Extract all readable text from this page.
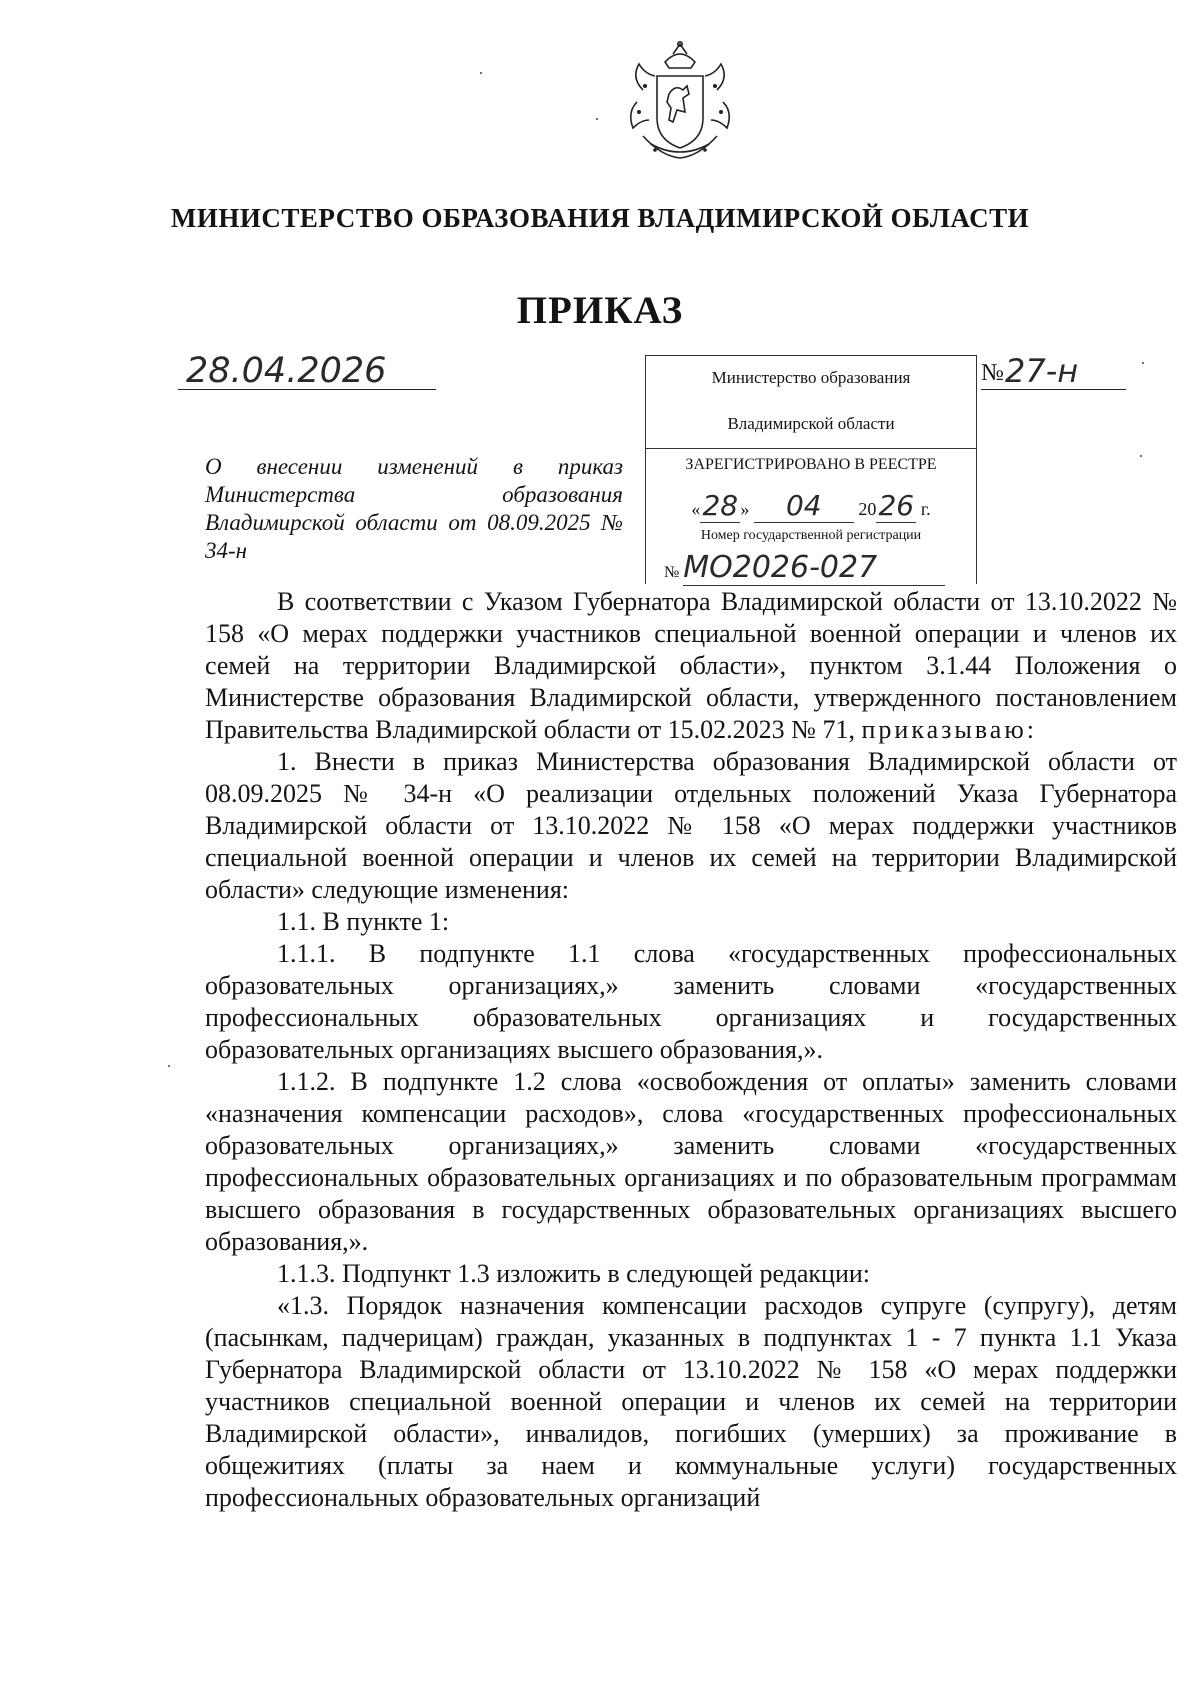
МИНИСТЕРСТВО ОБРАЗОВАНИЯ ВЛАДИМИРСКОЙ ОБЛАСТИ
ПРИКАЗ
28.04.2026	№ 27-н
Министерство образования
Владимирской области
ЗАРЕГИСТРИРОВАНО В РЕЕСТРЕ
«28 » 04 2026 г.
Номер государственной регистрации
№ МО2026-027
О внесении изменений в приказ Министерства образования Владимирской области от 08.09.2025 № 34-н

В соответствии с Указом Губернатора Владимирской области от 13.10.2022 № 158 «О мерах поддержки участников специальной военной операции и членов их семей на территории Владимирской области», пунктом 3.1.44 Положения о Министерстве образования Владимирской области, утвержденного постановлением Правительства Владимирской области от 15.02.2023 № 71, приказываю:

1. Внести в приказ Министерства образования Владимирской области от 08.09.2025 № 34-н «О реализации отдельных положений Указа Губернатора Владимирской области от 13.10.2022 № 158 «О мерах поддержки участников специальной военной операции и членов их семей на территории Владимирской области» следующие изменения:

1.1. В пункте 1:

1.1.1. В подпункте 1.1 слова «государственных профессиональных образовательных организациях,» заменить словами «государственных профессиональных образовательных организациях и государственных образовательных организациях высшего образования,».

1.1.2. В подпункте 1.2 слова «освобождения от оплаты» заменить словами «назначения компенсации расходов», слова «государственных профессиональных образовательных организациях,» заменить словами «государственных профессиональных образовательных организациях и по образовательным программам высшего образования в государственных образовательных организациях высшего образования,».

1.1.3. Подпункт 1.3 изложить в следующей редакции:

«1.3. Порядок назначения компенсации расходов супруге (супругу), детям (пасынкам, падчерицам) граждан, указанных в подпунктах 1 - 7 пункта 1.1 Указа Губернатора Владимирской области от 13.10.2022 № 158 «О мерах поддержки участников специальной военной операции и членов их семей на территории Владимирской области», инвалидов, погибших (умерших) за проживание в общежитиях (платы за наем и коммунальные услуги) государственных профессиональных образовательных организаций
